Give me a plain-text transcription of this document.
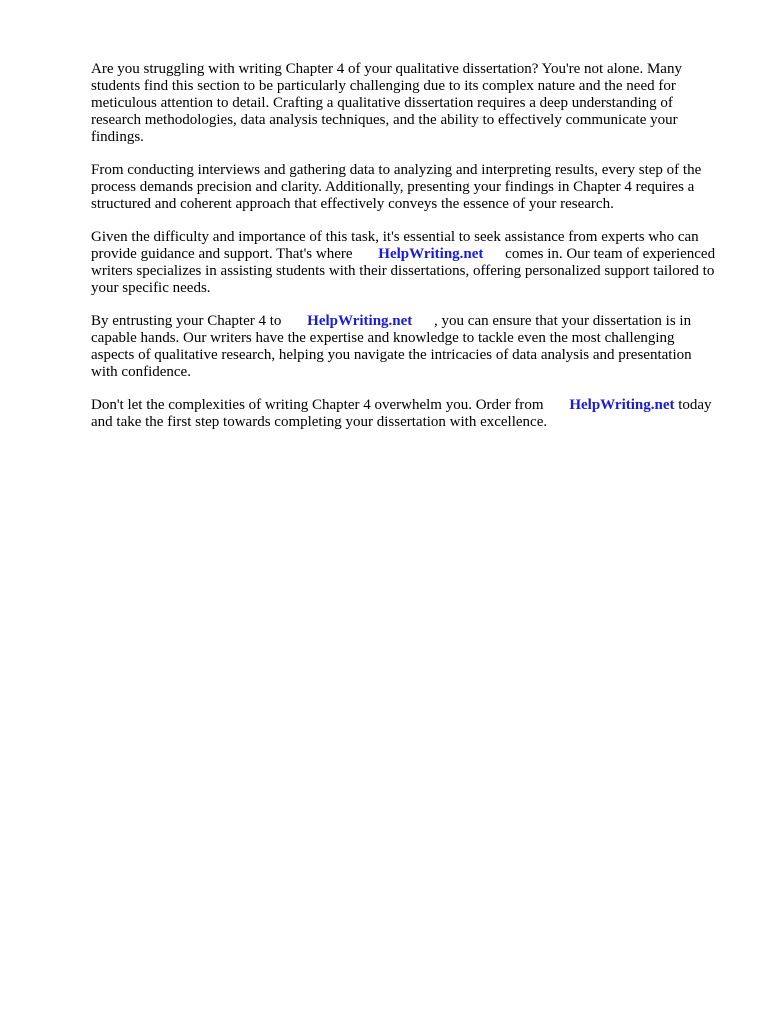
Are you struggling with writing Chapter 4 of your qualitative dissertation? You're not alone. Many students find this section to be particularly challenging due to its complex nature and the need for meticulous attention to detail. Crafting a qualitative dissertation requires a deep understanding of research methodologies, data analysis techniques, and the ability to effectively communicate your findings.

From conducting interviews and gathering data to analyzing and interpreting results, every step of the process demands precision and clarity. Additionally, presenting your findings in Chapter 4 requires a structured and coherent approach that effectively conveys the essence of your research.

Given the difficulty and importance of this task, it's essential to seek assistance from experts who can provide guidance and support. That's where HelpWriting.net comes in. Our team of experienced writers specializes in assisting students with their dissertations, offering personalized support tailored to your specific needs.

By entrusting your Chapter 4 to HelpWriting.net , you can ensure that your dissertation is in capable hands. Our writers have the expertise and knowledge to tackle even the most challenging aspects of qualitative research, helping you navigate the intricacies of data analysis and presentation with confidence.

Don't let the complexities of writing Chapter 4 overwhelm you. Order from HelpWriting.net today and take the first step towards completing your dissertation with excellence.
